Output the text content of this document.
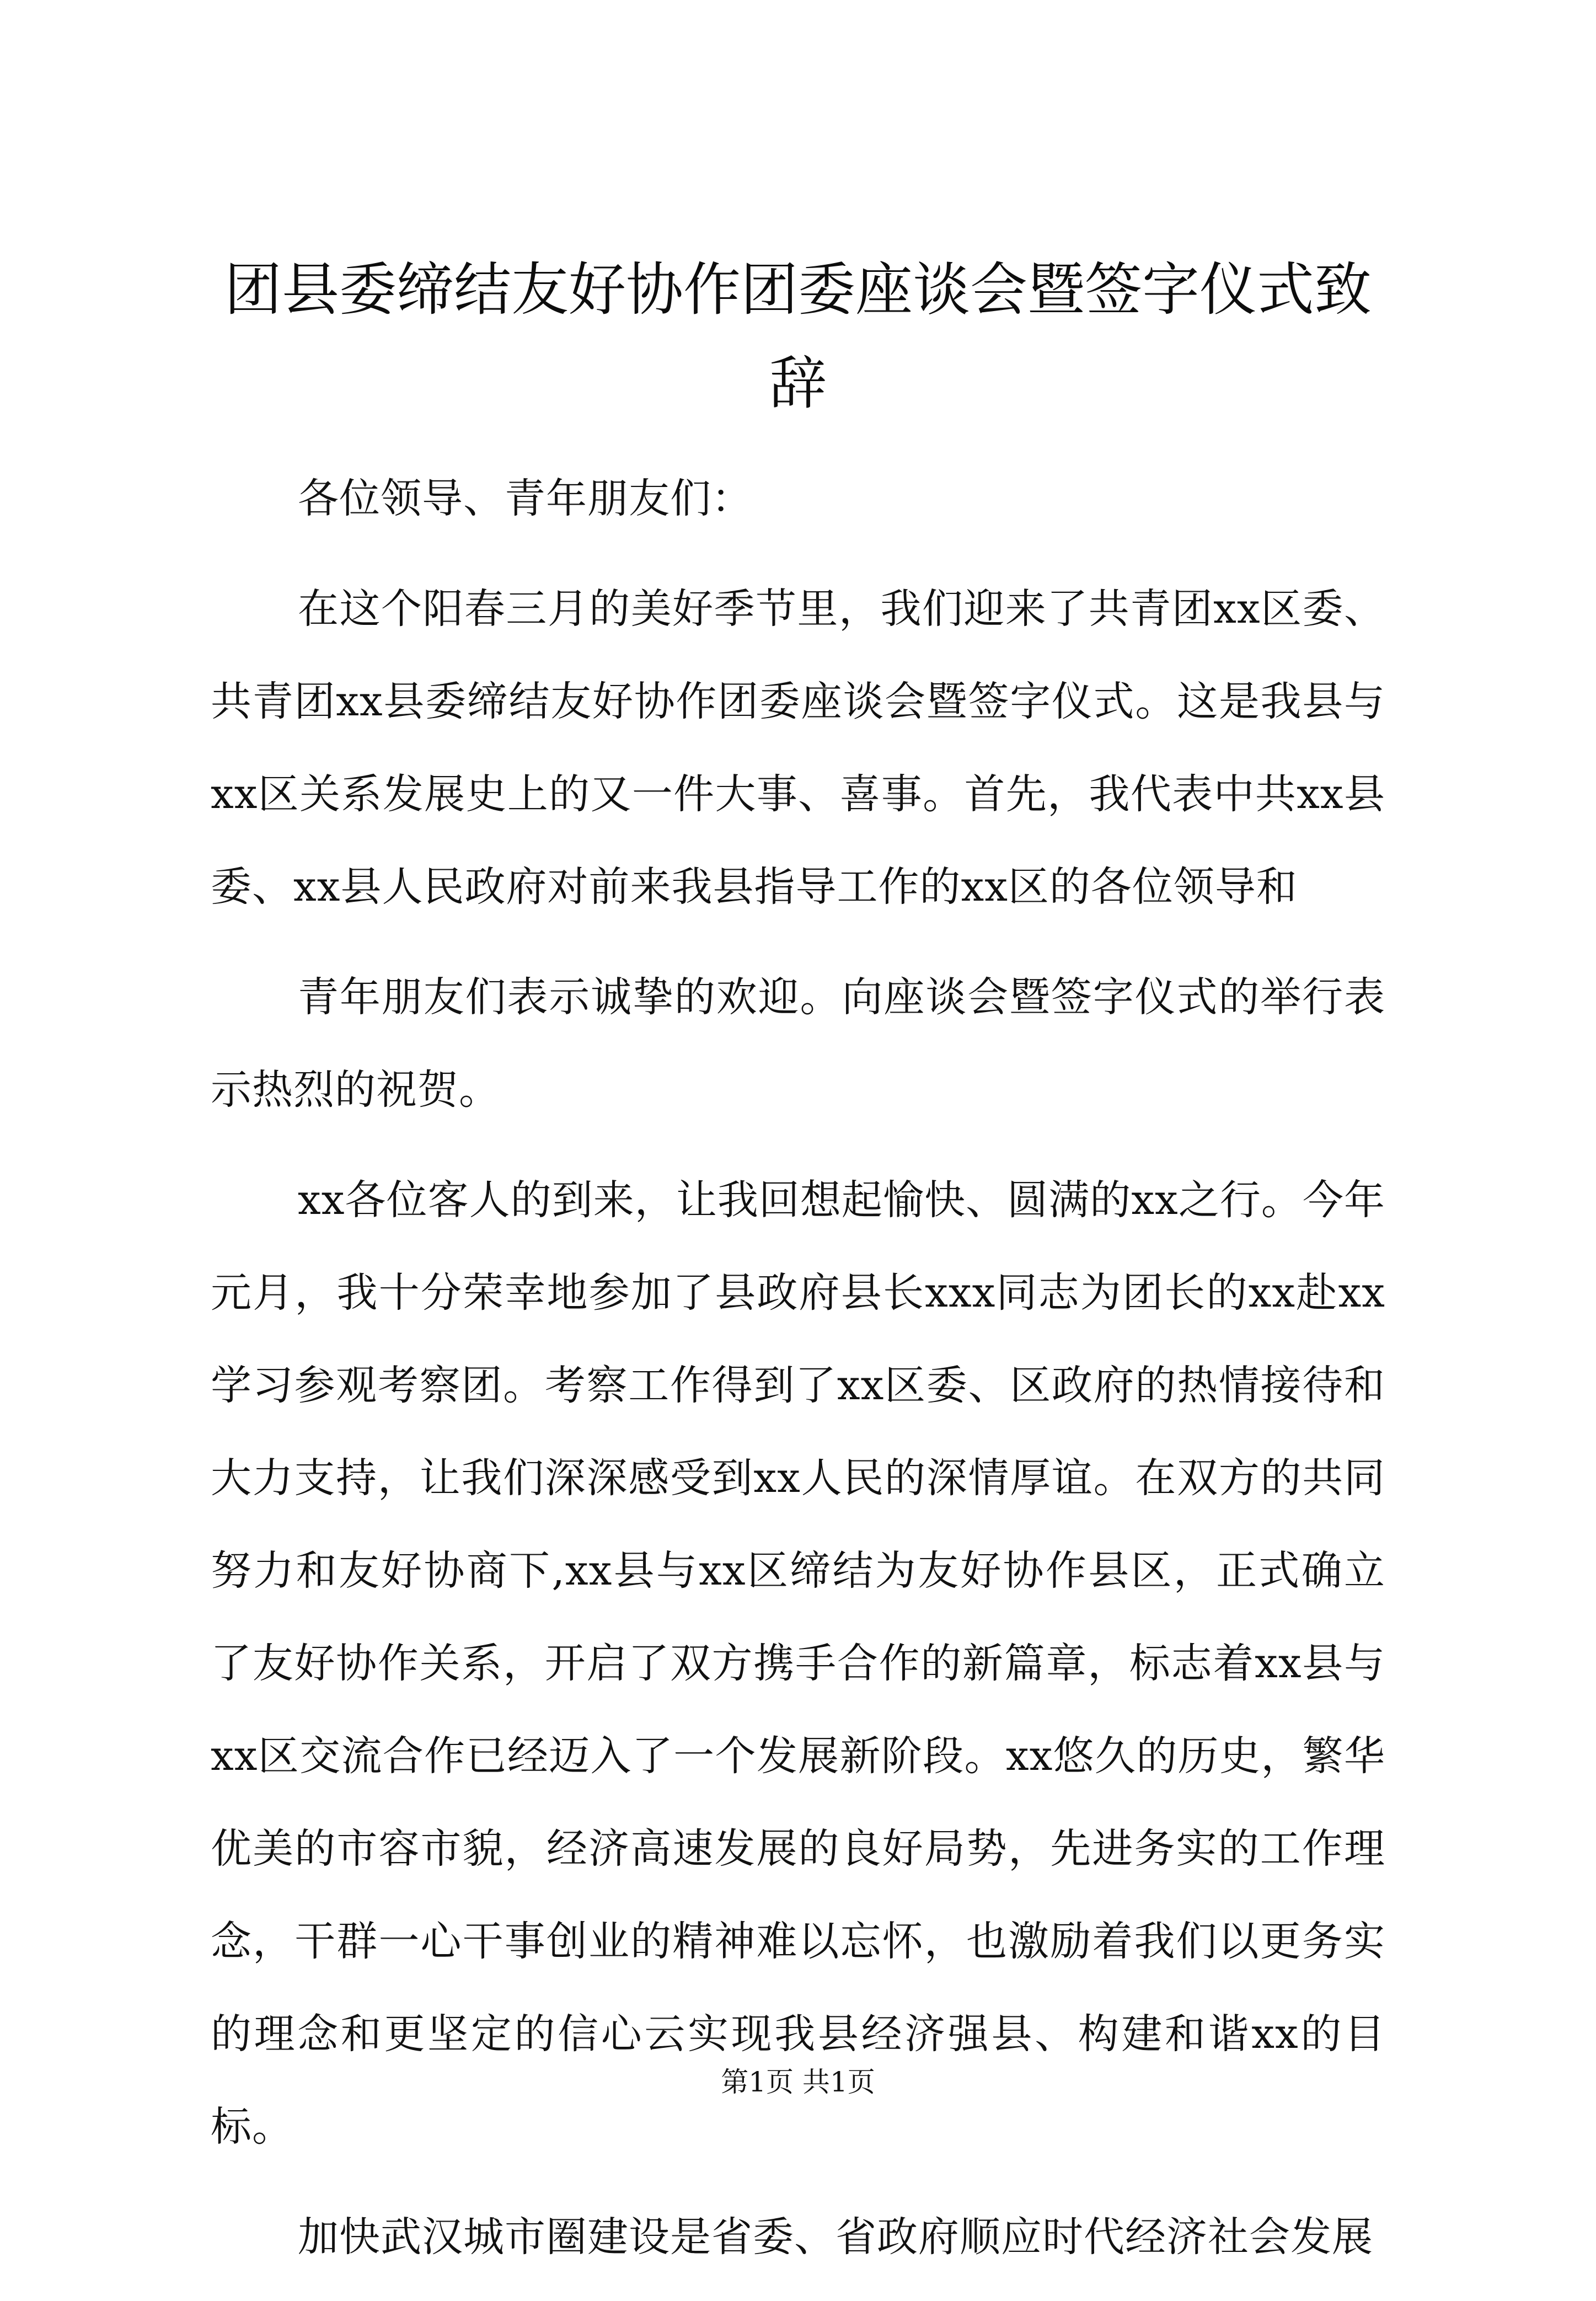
团县委缔结友好协作团委座谈会暨签字仪式致辞

各位领导、青年朋友们：

在这个阳春三月的美好季节里，我们迎来了共青团xx区委、共青团xx县委缔结友好协作团委座谈会暨签字仪式。这是我县与xx区关系发展史上的又一件大事、喜事。首先，我代表中共xx县委、xx县人民政府对前来我县指导工作的xx区的各位领导和

青年朋友们表示诚挚的欢迎。向座谈会暨签字仪式的举行表示热烈的祝贺。

xx各位客人的到来，让我回想起愉快、圆满的xx之行。今年元月，我十分荣幸地参加了县政府县长xxx同志为团长的xx赴xx学习参观考察团。考察工作得到了xx区委、区政府的热情接待和大力支持，让我们深深感受到xx人民的深情厚谊。在双方的共同努力和友好协商下,xx县与xx区缔结为友好协作县区，正式确立了友好协作关系，开启了双方携手合作的新篇章，标志着xx县与xx区交流合作已经迈入了一个发展新阶段。xx悠久的历史，繁华优美的市容市貌，经济高速发展的良好局势，先进务实的工作理念，干群一心干事创业的精神难以忘怀，也激励着我们以更务实的理念和更坚定的信心云实现我县经济强县、构建和谐xx的目标。

加快武汉城市圈建设是省委、省政府顺应时代经济社会发展

第1页 共1页
